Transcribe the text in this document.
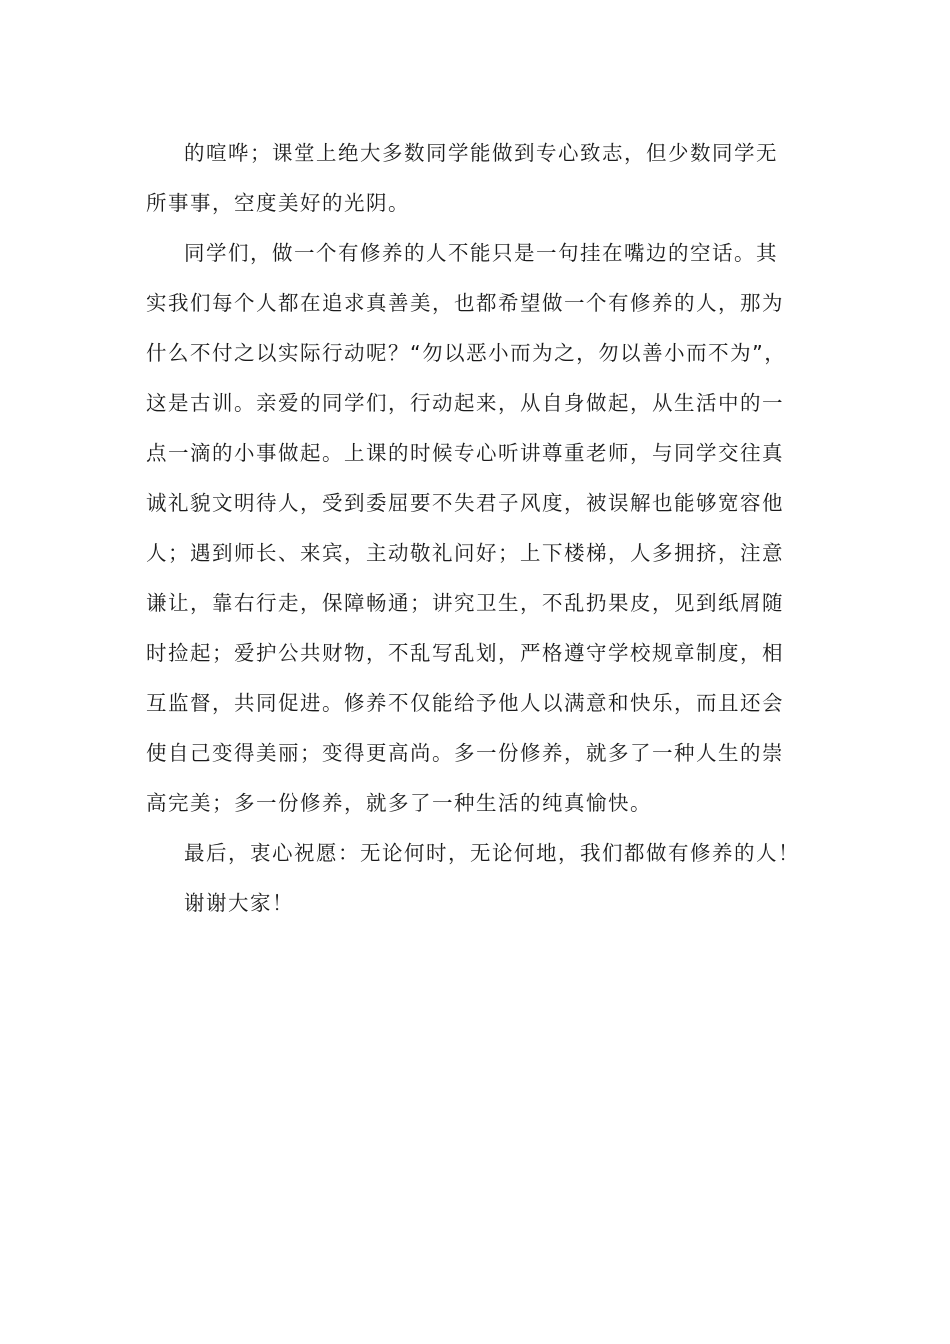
的喧哗；课堂上绝大多数同学能做到专心致志，但少数同学无
所事事，空度美好的光阴。
同学们，做一个有修养的人不能只是一句挂在嘴边的空话。其
实我们每个人都在追求真善美，也都希望做一个有修养的人，那为
什么不付之以实际行动呢？“勿以恶小而为之，勿以善小而不为”，
这是古训。亲爱的同学们，行动起来，从自身做起，从生活中的一
点一滴的小事做起。上课的时候专心听讲尊重老师，与同学交往真
诚礼貌文明待人，受到委屈要不失君子风度，被误解也能够宽容他
人；遇到师长、来宾，主动敬礼问好；上下楼梯，人多拥挤，注意
谦让，靠右行走，保障畅通；讲究卫生，不乱扔果皮，见到纸屑随
时捡起；爱护公共财物，不乱写乱划，严格遵守学校规章制度，相
互监督，共同促进。修养不仅能给予他人以满意和快乐，而且还会
使自己变得美丽；变得更高尚。多一份修养，就多了一种人生的崇
高完美；多一份修养，就多了一种生活的纯真愉快。
最后，衷心祝愿：无论何时，无论何地，我们都做有修养的人！
谢谢大家！
